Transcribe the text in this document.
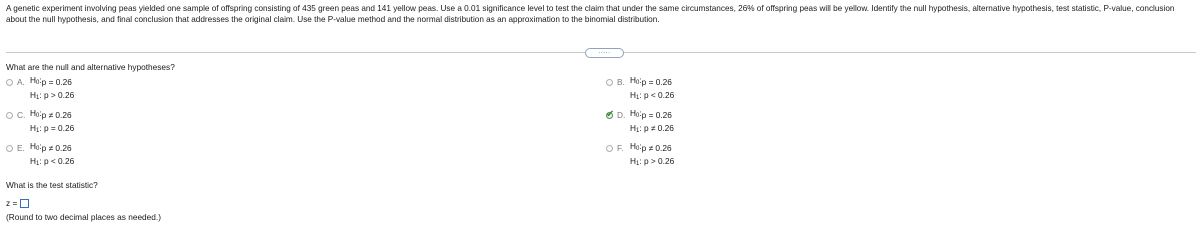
A genetic experiment involving peas yielded one sample of offspring consisting of 435 green peas and 141 yellow peas. Use a 0.01 significance level to test the claim that under the same circumstances, 26% of offspring peas will be yellow. Identify the null hypothesis, alternative hypothesis, test statistic, P-value, conclusion about the null hypothesis, and final conclusion that addresses the original claim. Use the P-value method and the normal distribution as an approximation to the binomial distribution.
.....
What are the null and alternative hypotheses?
A. $H_0$: p = 0.26
$H_1$: p > 0.26
B. $H_0$: p = 0.26
$H_1$: p < 0.26
C. $H_0$: p ≠ 0.26
$H_1$: p = 0.26
✔ D. $H_0$: p = 0.26
$H_1$: p ≠ 0.26
E. $H_0$: p ≠ 0.26
$H_1$: p < 0.26
F. $H_0$: p ≠ 0.26
$H_1$: p > 0.26
What is the test statistic?
z =
(Round to two decimal places as needed.)
